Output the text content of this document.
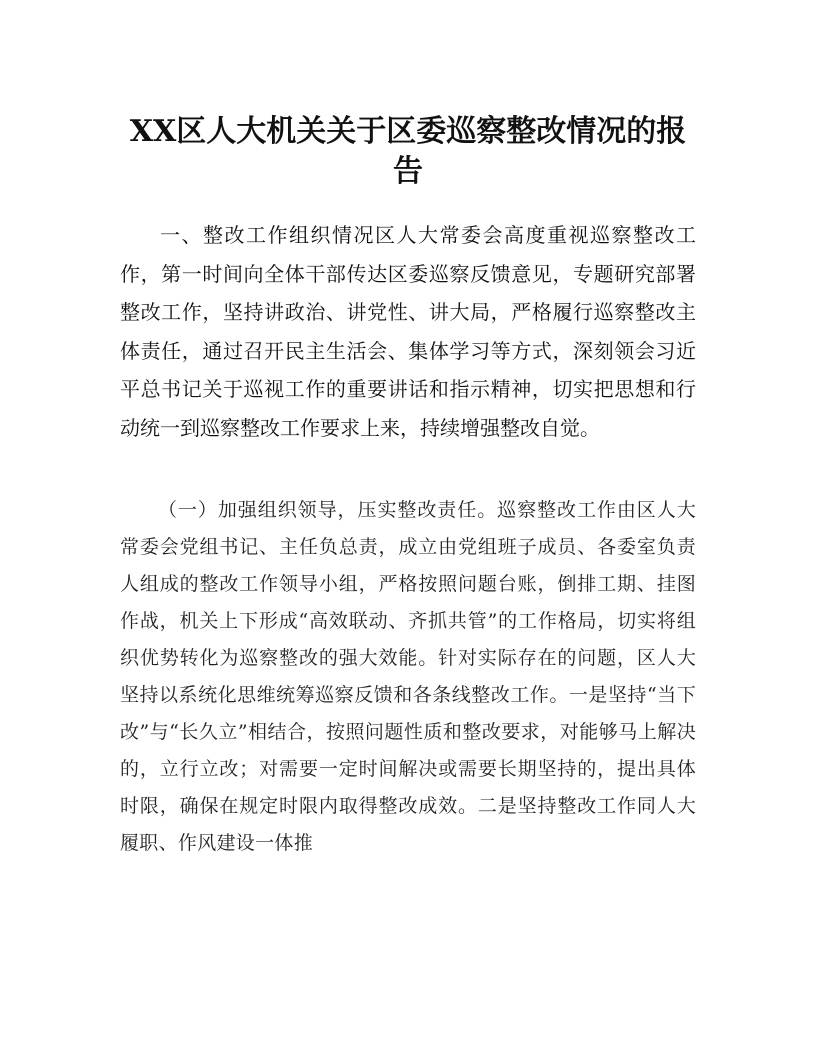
XX区人大机关关于区委巡察整改情况的报告

一、整改工作组织情况区人大常委会高度重视巡察整改工作，第一时间向全体干部传达区委巡察反馈意见，专题研究部署整改工作，坚持讲政治、讲党性、讲大局，严格履行巡察整改主体责任，通过召开民主生活会、集体学习等方式，深刻领会习近平总书记关于巡视工作的重要讲话和指示精神，切实把思想和行动统一到巡察整改工作要求上来，持续增强整改自觉。

（一）加强组织领导，压实整改责任。巡察整改工作由区人大常委会党组书记、主任负总责，成立由党组班子成员、各委室负责人组成的整改工作领导小组，严格按照问题台账，倒排工期、挂图作战，机关上下形成“高效联动、齐抓共管”的工作格局，切实将组织优势转化为巡察整改的强大效能。针对实际存在的问题，区人大坚持以系统化思维统筹巡察反馈和各条线整改工作。一是坚持“当下改”与“长久立”相结合，按照问题性质和整改要求，对能够马上解决的，立行立改；对需要一定时间解决或需要长期坚持的，提出具体时限，确保在规定时限内取得整改成效。二是坚持整改工作同人大履职、作风建设一体推
